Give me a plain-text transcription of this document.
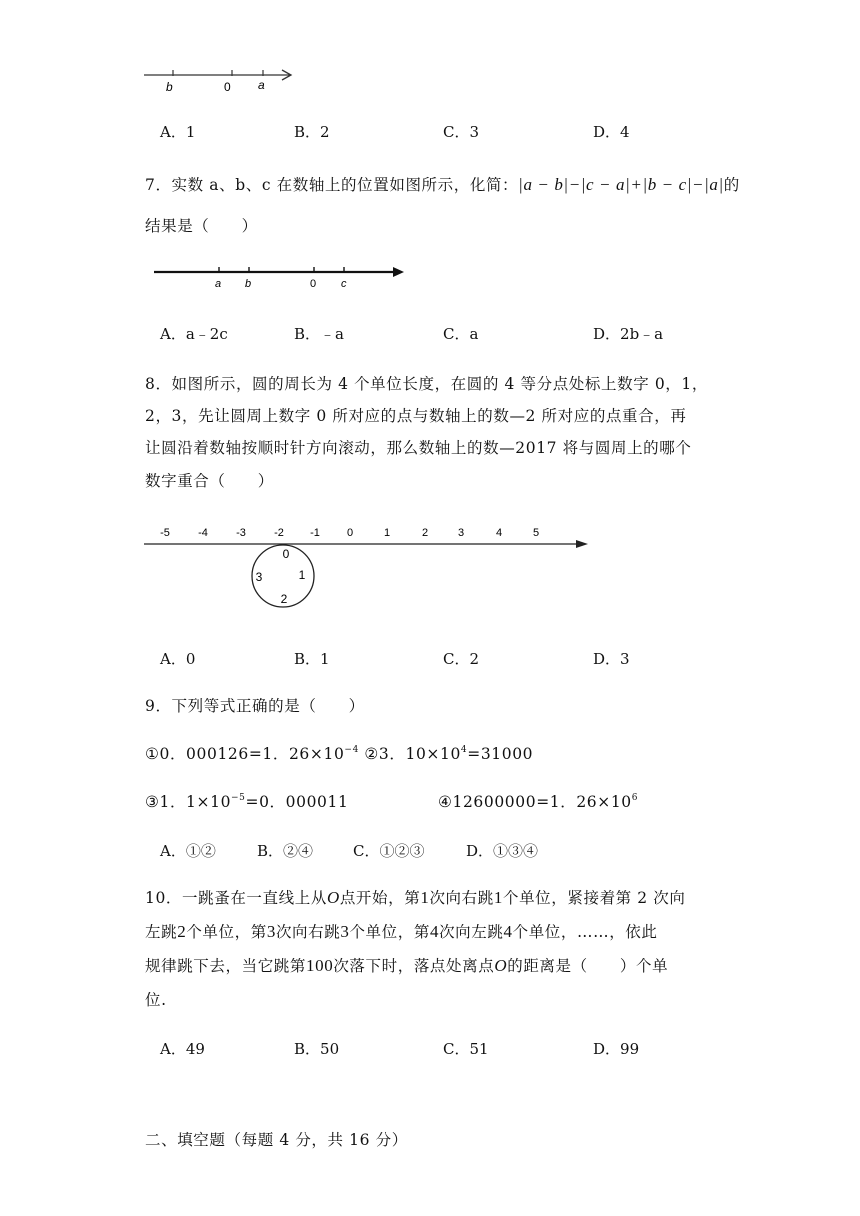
b	0 a
A．1	B．2	C．3	D．4
7．实数 a、b、c 在数轴上的位置如图所示，化简：|a − b|−|c − a|+|b − c|−|a|的
结果是（　　）
a b	0 c
A．a﹣2c	B．﹣a	C．a	D．2b﹣a
8．如图所示，圆的周长为 4 个单位长度，在圆的 4 等分点处标上数字 0，1，
2，3，先让圆周上数字 0 所对应的点与数轴上的数—2 所对应的点重合，再
让圆沿着数轴按顺时针方向滚动，那么数轴上的数—2017 将与圆周上的哪个
数字重合（　　）
-5	-4	-3	-2 -1 0	1	2	3	4	5
0
1
2
3
A．0	B．1	C．2	D．3
9．下列等式正确的是（　　）
①0．000126=1．$26\times 10^{-4}$ ②3．$10\times 10^4=31000$
③1．$1\times 10^{-5}=0$．000011	④12600000=1．$26\times 10^6$
A．①②	B．②④	C．①②③	D．①③④
10．一跳蚤在一直线上从O点开始，第1次向右跳1个单位，紧接着第 2 次向
左跳2个单位，第3次向右跳3个单位，第4次向左跳4个单位，……，依此
规律跳下去，当它跳第100次落下时，落点处离点O的距离是（　　）个单
位.
A．49	B．50	C．51	D．99
二、填空题（每题 4 分，共 16 分）
